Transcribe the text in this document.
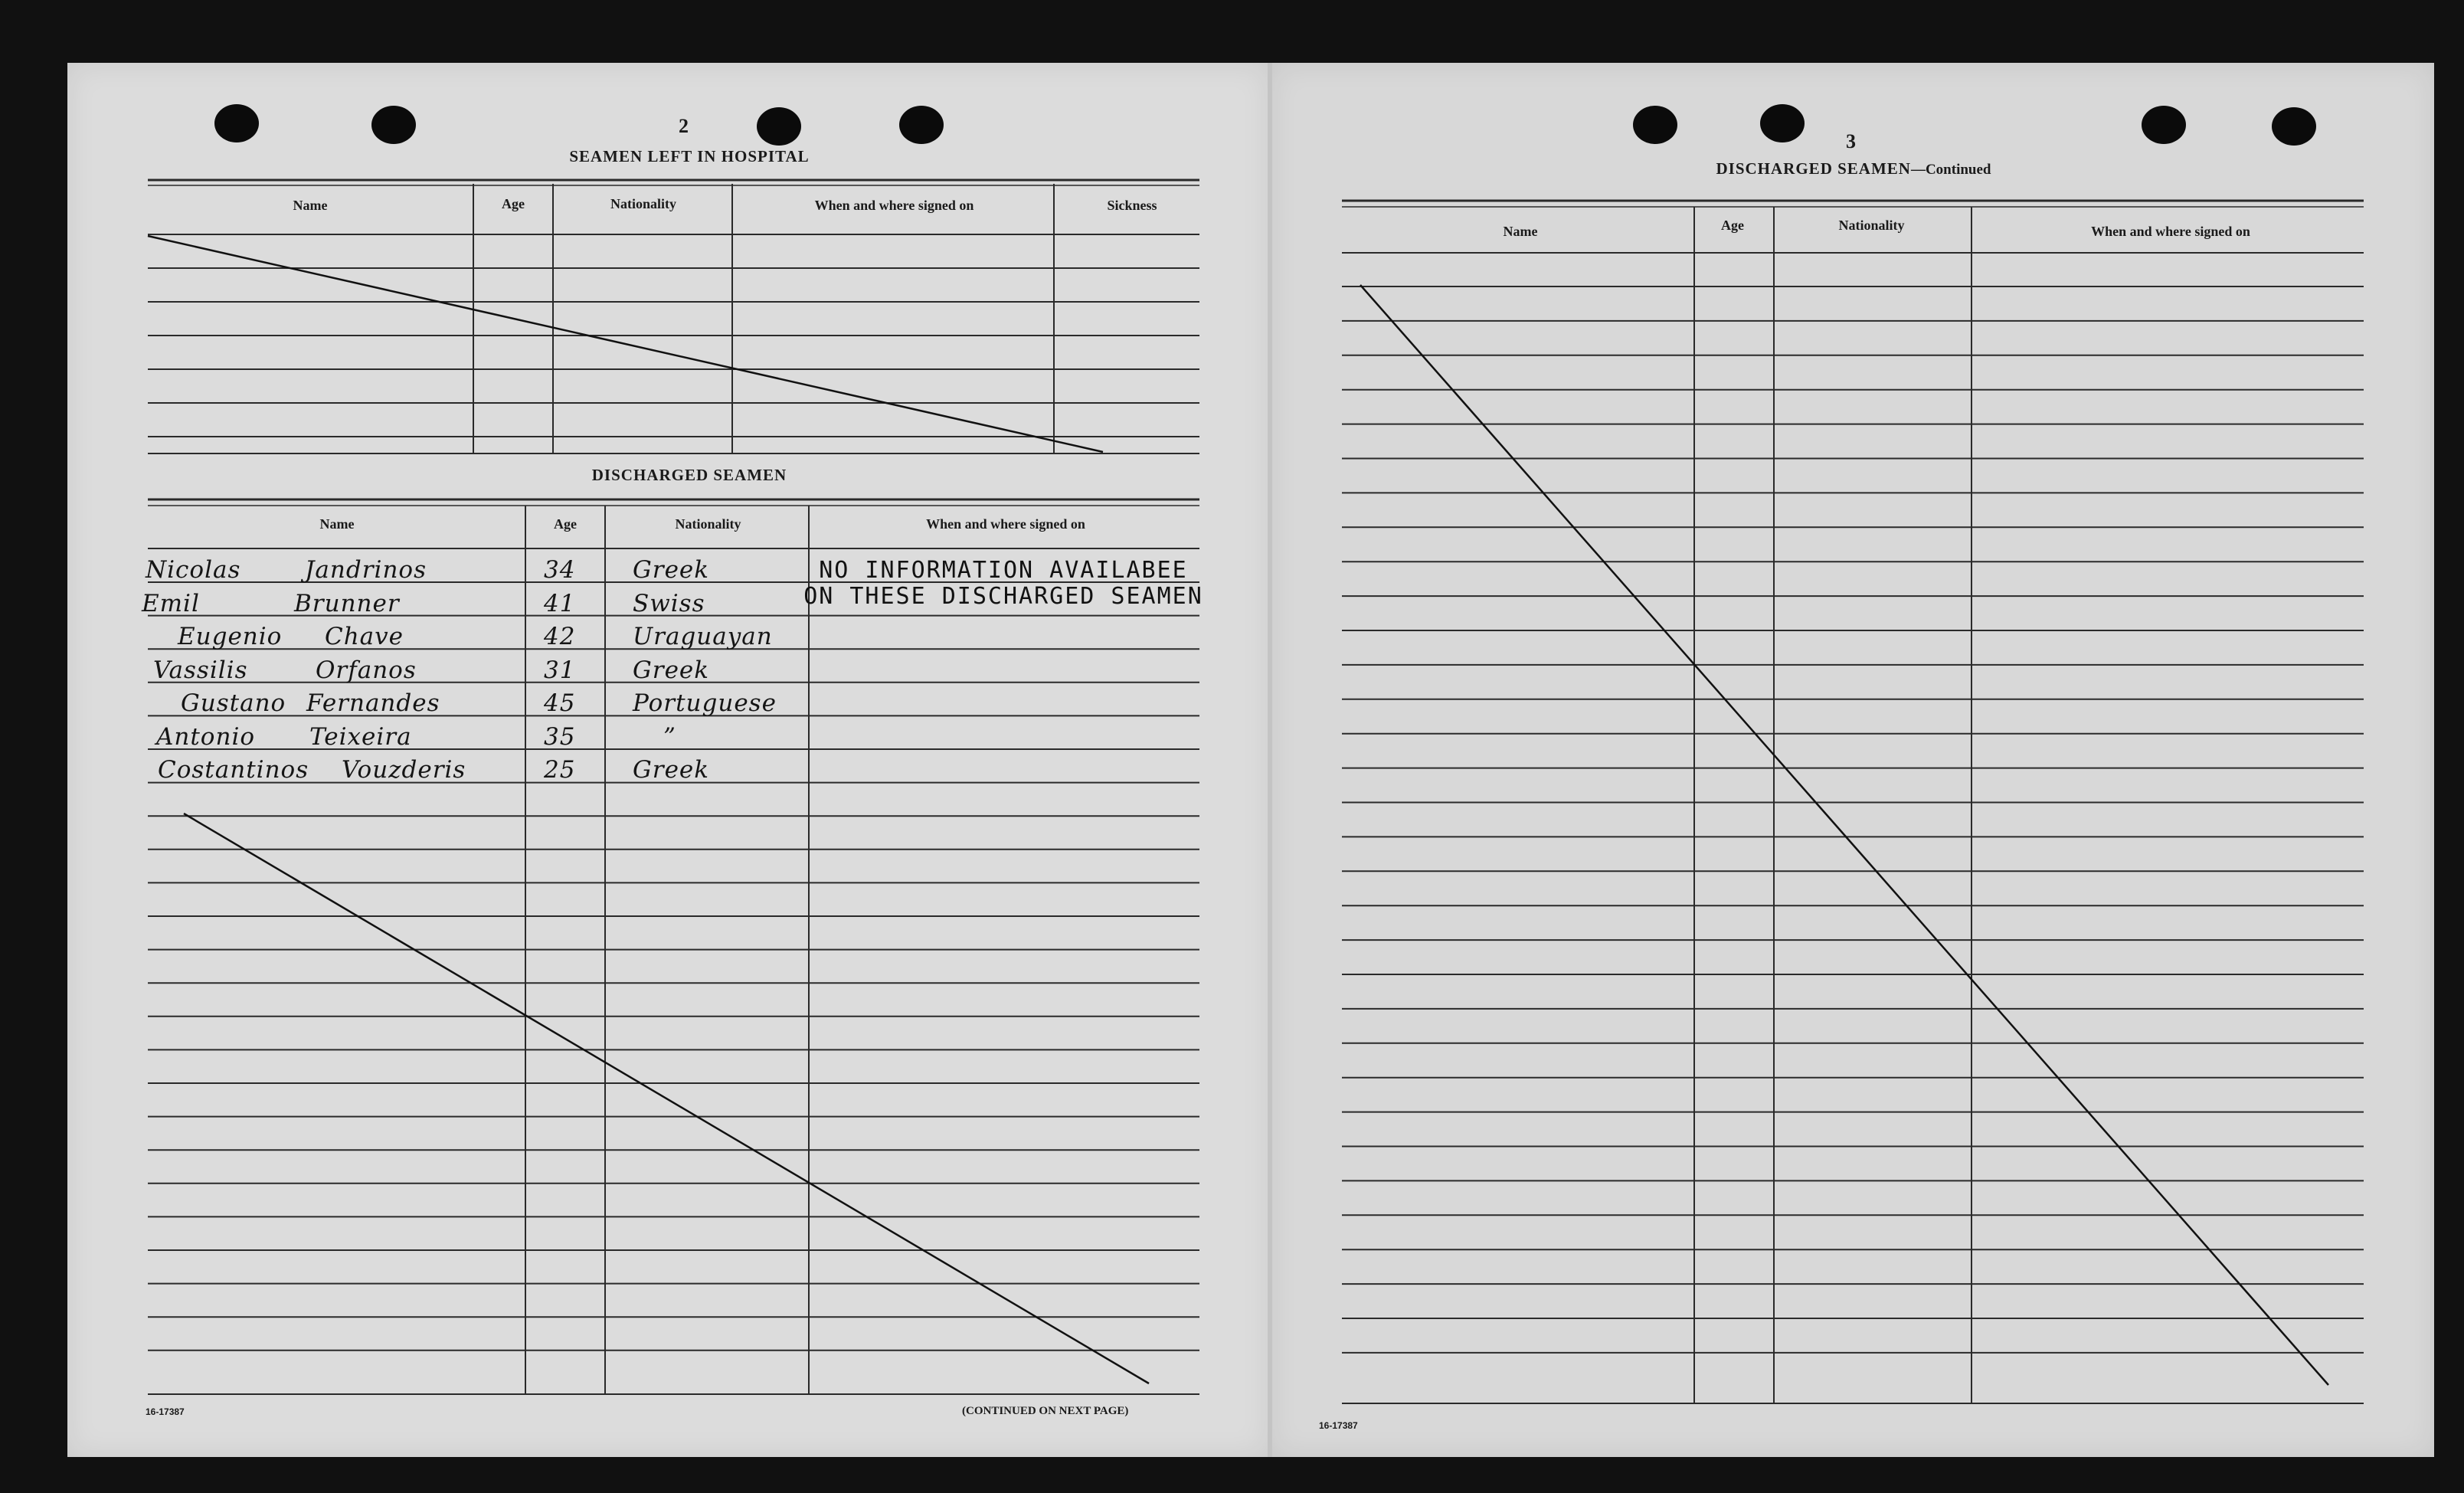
2
SEAMEN LEFT IN HOSPITAL
Name	Age	Nationality	When and where signed on	Sickness
DISCHARGED SEAMEN
Name	Age	Nationality	When and where signed on
NO INFORMATION AVAILABEE
ON THESE DISCHARGED SEAMEN
Nicolas	Jandrinos	34 Greek
Emil	Brunner	41 Swiss
Eugenio Chave	42 Uraguayan
Vassilis	Orfanos	31 Greek
Gustano Fernandes	45 Portuguese
Antonio Teixeira	35	”
Costantinos Vouzderis	25 Greek
16-17387	(CONTINUED ON NEXT PAGE)
3
DISCHARGED SEAMEN—Continued
Name	Age	Nationality	When and where signed on
16-17387
